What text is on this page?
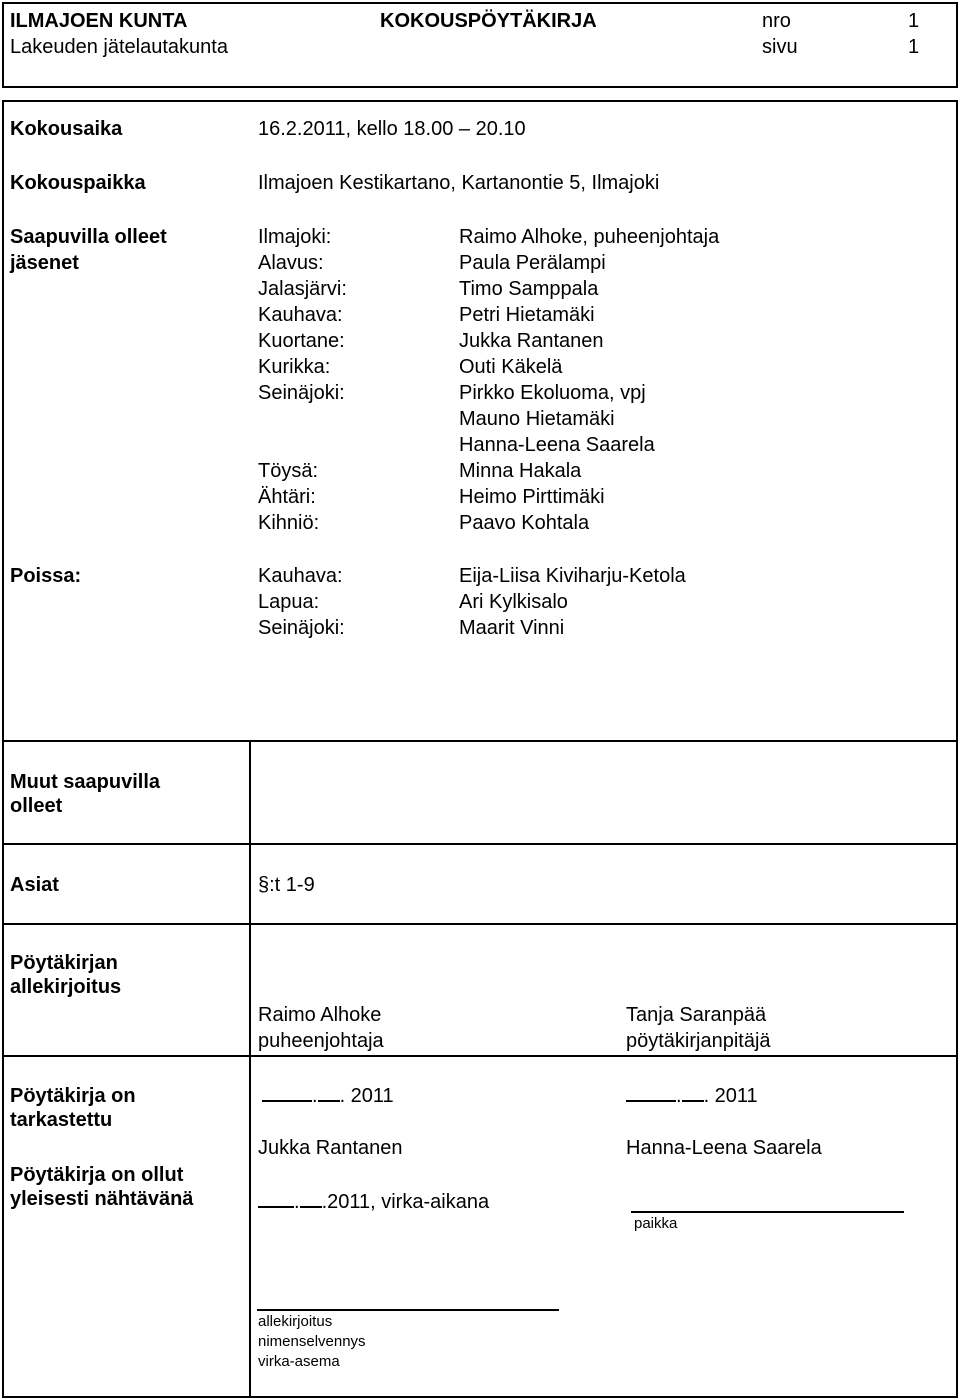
ILMAJOEN KUNTA
Lakeuden jätelautakunta
KOKOUSPÖYTÄKIRJA	nro	1
sivu	1
Kokousaika	16.2.2011, kello 18.00 – 20.10
Kokouspaikka	Ilmajoen Kestikartano, Kartanontie 5, Ilmajoki
Saapuvilla olleet
jäsenet
Ilmajoki:	Raimo Alhoke, puheenjohtaja
Alavus:	Paula Perälampi
Jalasjärvi:	Timo Samppala
Kauhava:	Petri Hietamäki
Kuortane:	Jukka Rantanen
Kurikka:	Outi Käkelä
Seinäjoki:	Pirkko Ekoluoma, vpj
Mauno Hietamäki
Hanna-Leena Saarela
Töysä:	Minna Hakala
Ähtäri:	Heimo Pirttimäki
Kihniö:	Paavo Kohtala
Poissa:	Kauhava:	Eija-Liisa Kiviharju-Ketola
Lapua:	Ari Kylkisalo
Seinäjoki:	Maarit Vinni
Muut saapuvilla
olleet
Asiat	§:t 1-9
Pöytäkirjan
allekirjoitus
Raimo Alhoke
puheenjohtaja
Tanja Saranpää
pöytäkirjanpitäjä
Pöytäkirja on
tarkastettu
. . 2011	. . 2011
Jukka Rantanen	Hanna-Leena Saarela
Pöytäkirja on ollut
yleisesti nähtävänä	. .2011, virka-aikana
paikka
allekirjoitus
nimenselvennys
virka-asema
